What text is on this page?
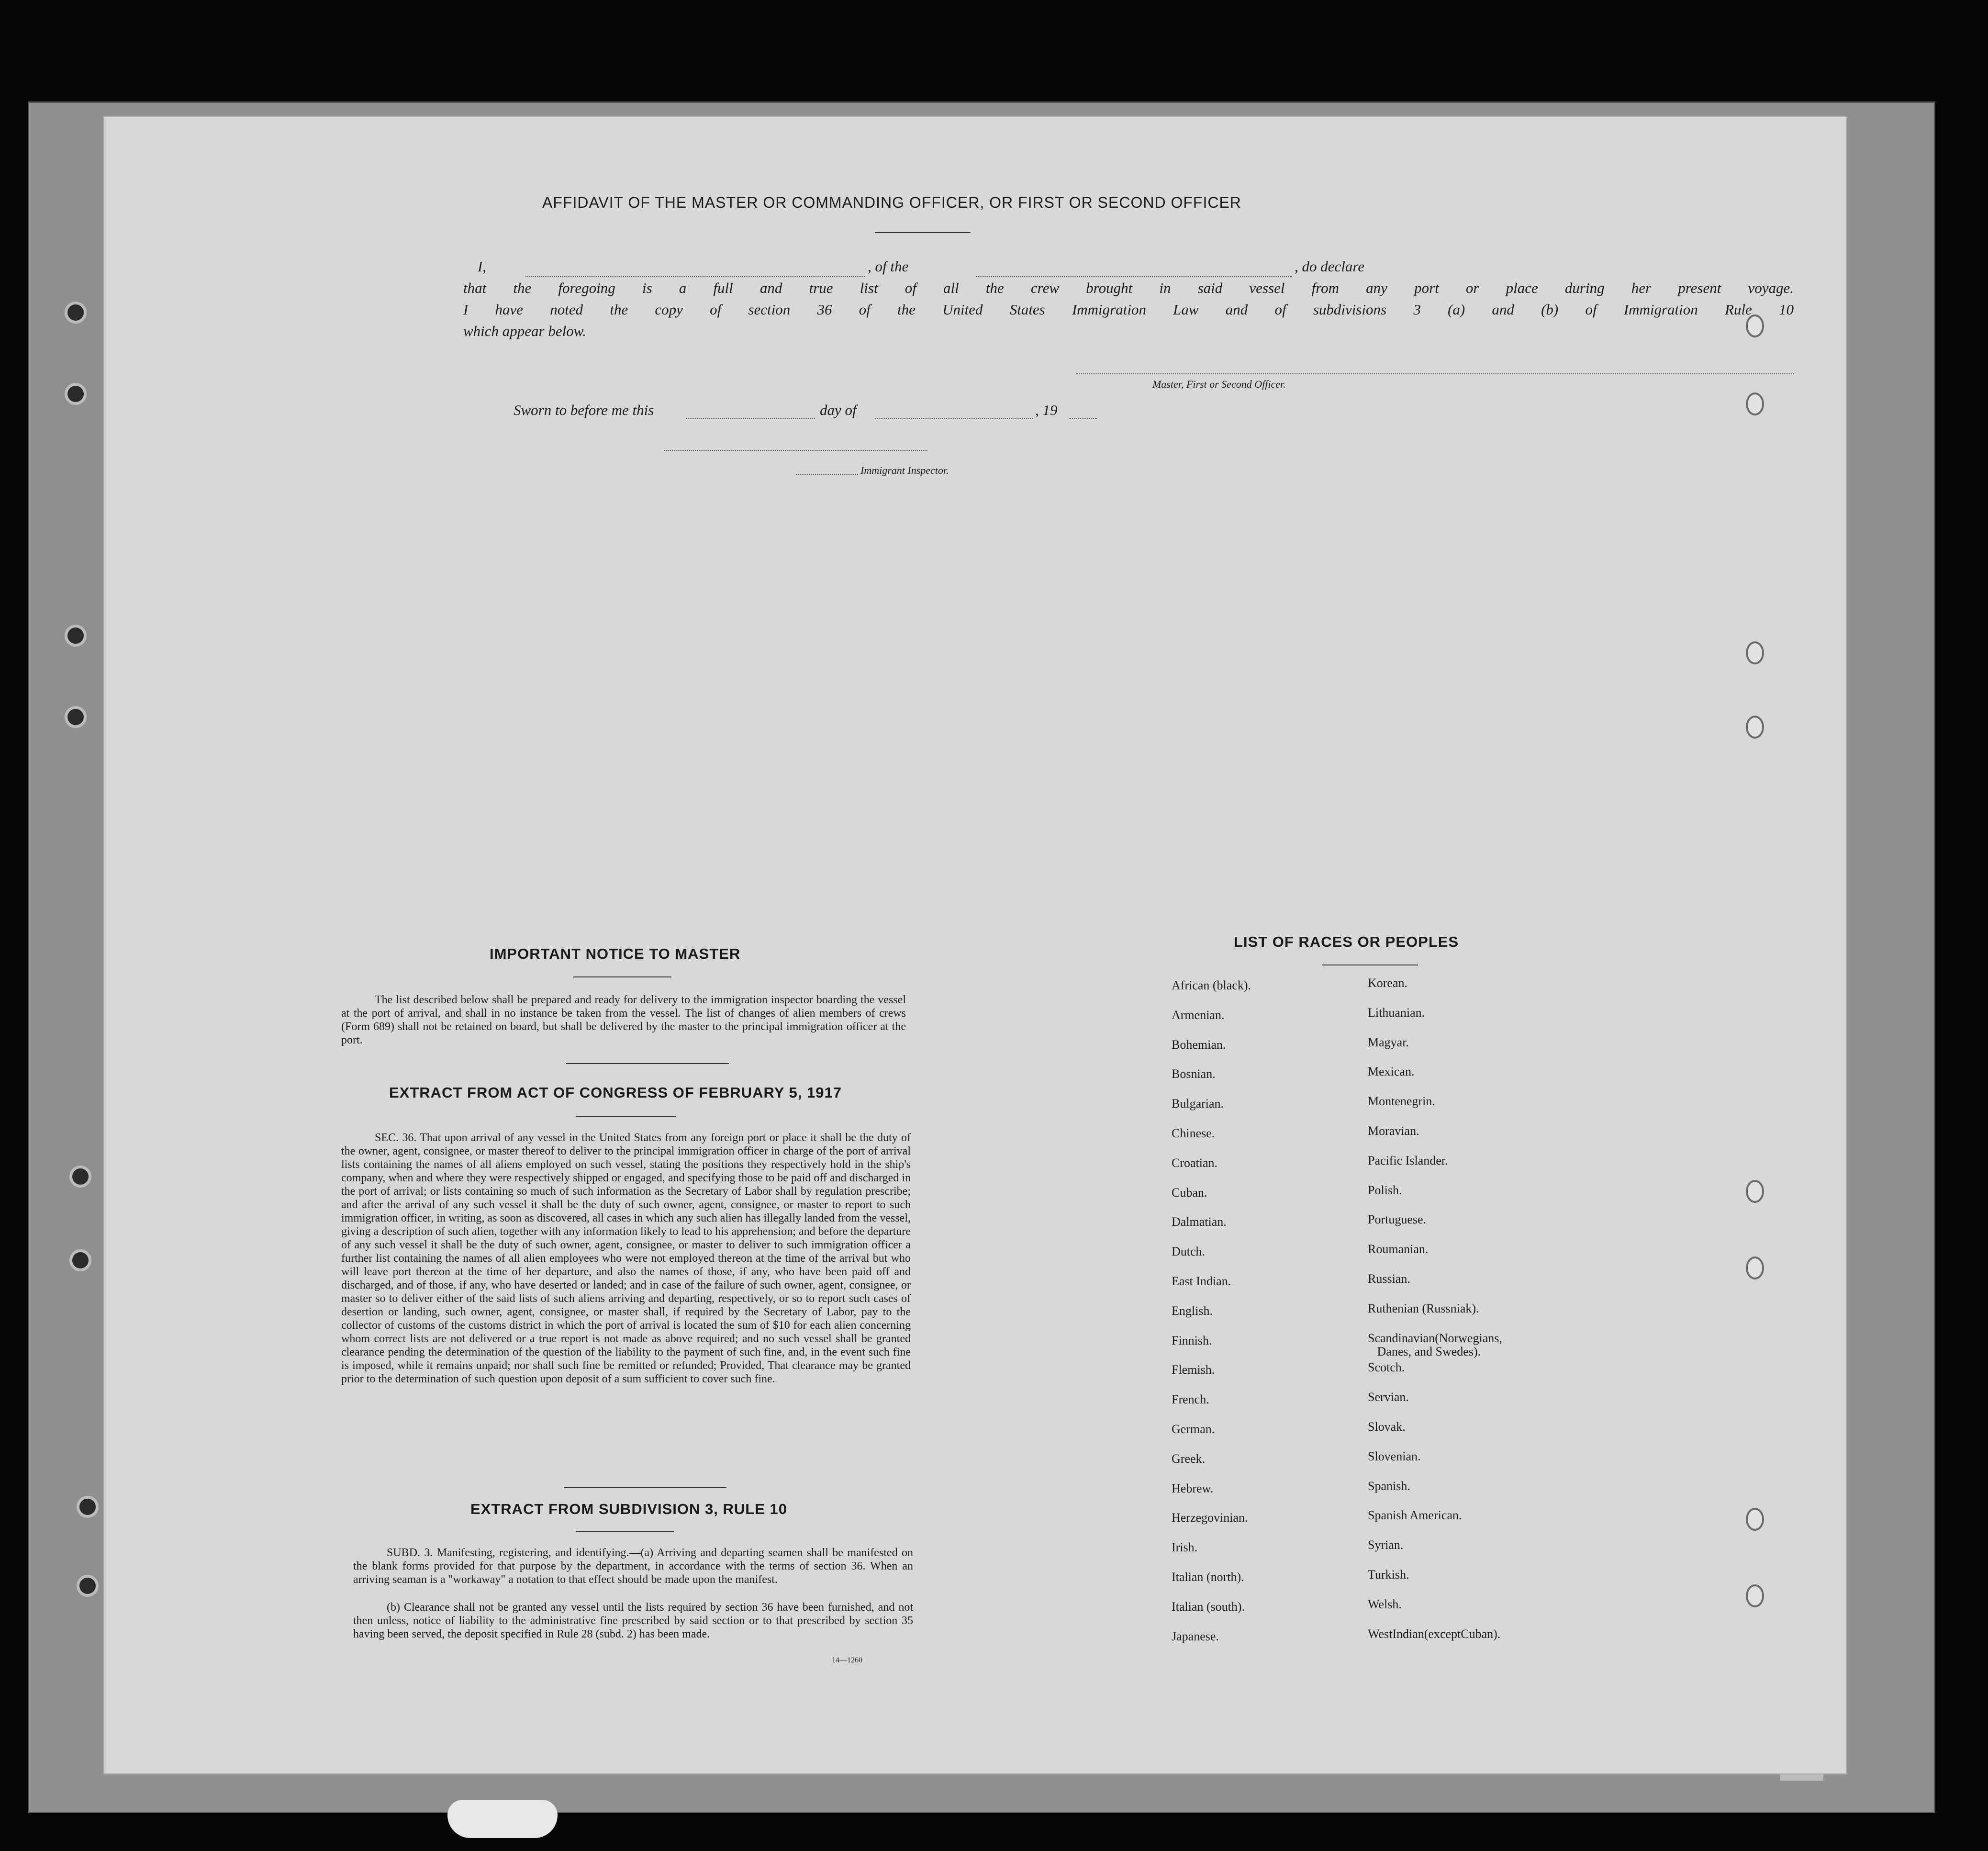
AFFIDAVIT OF THE MASTER OR COMMANDING OFFICER, OR FIRST OR SECOND OFFICER
I,	, of the	, do declare
that the foregoing is a full and true list of all the crew brought in said vessel from any port or place during her present voyage.
I have noted the copy of section 36 of the United States Immigration Law and of subdivisions 3 (a) and (b) of Immigration Rule 10
which appear below.
Master, First or Second Officer.
Sworn to before me this	day of	, 19
Immigrant Inspector.
IMPORTANT NOTICE TO MASTER
The list described below shall be prepared and ready for delivery to the immigration inspector boarding the vessel at the port of arrival, and shall in no instance be taken from the vessel. The list of changes of alien members of crews (Form 689) shall not be retained on board, but shall be delivered by the master to the principal immigration officer at the port.
EXTRACT FROM ACT OF CONGRESS OF FEBRUARY 5, 1917
SEC. 36. That upon arrival of any vessel in the United States from any foreign port or place it shall be the duty of the owner, agent, consignee, or master thereof to deliver to the principal immigration officer in charge of the port of arrival lists containing the names of all aliens employed on such vessel, stating the positions they respectively hold in the ship's company, when and where they were respectively shipped or engaged, and specifying those to be paid off and discharged in the port of arrival; or lists containing so much of such information as the Secretary of Labor shall by regulation prescribe; and after the arrival of any such vessel it shall be the duty of such owner, agent, consignee, or master to report to such immigration officer, in writing, as soon as discovered, all cases in which any such alien has illegally landed from the vessel, giving a description of such alien, together with any information likely to lead to his apprehension; and before the departure of any such vessel it shall be the duty of such owner, agent, consignee, or master to deliver to such immigration officer a further list containing the names of all alien employees who were not employed thereon at the time of the arrival but who will leave port thereon at the time of her departure, and also the names of those, if any, who have been paid off and discharged, and of those, if any, who have deserted or landed; and in case of the failure of such owner, agent, consignee, or master so to deliver either of the said lists of such aliens arriving and departing, respectively, or so to report such cases of desertion or landing, such owner, agent, consignee, or master shall, if required by the Secretary of Labor, pay to the collector of customs of the customs district in which the port of arrival is located the sum of $10 for each alien concerning whom correct lists are not delivered or a true report is not made as above required; and no such vessel shall be granted clearance pending the determination of the question of the liability to the payment of such fine, and, in the event such fine is imposed, while it remains unpaid; nor shall such fine be remitted or refunded; Provided, That clearance may be granted prior to the determination of such question upon deposit of a sum sufficient to cover such fine.
EXTRACT FROM SUBDIVISION 3, RULE 10
SUBD. 3. Manifesting, registering, and identifying.—(a) Arriving and departing seamen shall be manifested on the blank forms provided for that purpose by the department, in accordance with the terms of section 36. When an arriving seaman is a "workaway" a notation to that effect should be made upon the manifest.
(b) Clearance shall not be granted any vessel until the lists required by section 36 have been furnished, and not then unless, notice of liability to the administrative fine prescribed by said section or to that prescribed by section 35 having been served, the deposit specified in Rule 28 (subd. 2) has been made.
14—1260
LIST OF RACES OR PEOPLES
African (black).
Armenian.
Bohemian.
Bosnian.
Bulgarian.
Chinese.
Croatian.
Cuban.
Dalmatian.
Dutch.
East Indian.
English.
Finnish.
Flemish.
French.
German.
Greek.
Hebrew.
Herzegovinian.
Irish.
Italian (north).
Italian (south).
Japanese.
Korean.
Lithuanian.
Magyar.
Mexican.
Montenegrin.
Moravian.
Pacific Islander.
Polish.
Portuguese.
Roumanian.
Russian.
Ruthenian (Russniak).
Scandinavian(Norwegians,
Danes, and Swedes).
Scotch.
Servian.
Slovak.
Slovenian.
Spanish.
Spanish American.
Syrian.
Turkish.
Welsh.
WestIndian(exceptCuban).
